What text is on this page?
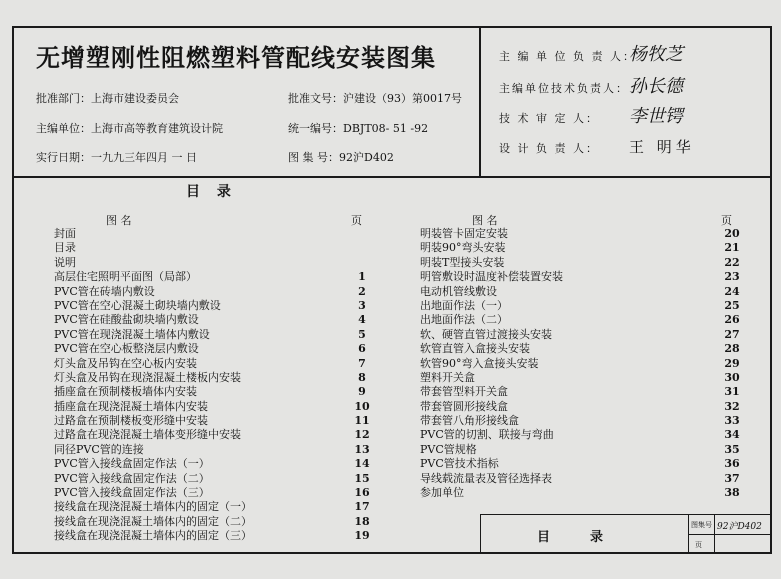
无增塑刚性阻燃塑料管配线安装图集
批准部门：上海市建设委员会	批准文号：沪建设（93）第0017号
主编单位：上海市高等教育建筑设计院	统一编号：DBJT08- 51 -92
实行日期：一九九三年四月 一 日	图 集 号：92沪D402
主 编 单 位 负 责 人：
杨牧芝
主编单位技术负责人： 孙长德
技 术 审 定 人： 李世锷
设 计 负 责 人： 王 明华
目 录
图 名	页	图 名	页
封面
目录
说明
高层住宅照明平面图（局部）	1
PVC管在砖墙内敷设	2
PVC管在空心混凝土砌块墙内敷设	3
PVC管在硅酸盐砌块墙内敷设	4
PVC管在现浇混凝土墙体内敷设	5
PVC管在空心板整浇层内敷设	6
灯头盒及吊钩在空心板内安装	7
灯头盒及吊钩在现浇混凝土楼板内安装	8
插座盒在预制楼板墙体内安装	9
插座盒在现浇混凝土墙体内安装	10
过路盒在预制楼板变形缝中安装	11
过路盒在现浇混凝土墙体变形缝中安装	12
同径PVC管的连接	13
PVC管入接线盒固定作法（一）	14
PVC管入接线盒固定作法（二）	15
PVC管入接线盒固定作法（三）	16
接线盒在现浇混凝土墙体内的固定（一）	17
接线盒在现浇混凝土墙体内的固定（二）	18
接线盒在现浇混凝土墙体内的固定（三）	19
明装管卡固定安装	20
明装90°弯头安装	21
明装T型接头安装	22
明管敷设时温度补偿装置安装	23
电动机管线敷设	24
出地面作法（一）	25
出地面作法（二）	26
软、硬管直管过渡接头安装	27
软管直管入盒接头安装	28
软管90°弯入盒接头安装	29
塑料开关盒	30
带套管型料开关盒	31
带套管圆形接线盒	32
带套管八角形接线盒	33
PVC管的切割、联接与弯曲	34
PVC管规格	35
PVC管技术指标	36
导线载流量表及管径选择表	37
参加单位	38
目录
图集号 92沪D402
页
